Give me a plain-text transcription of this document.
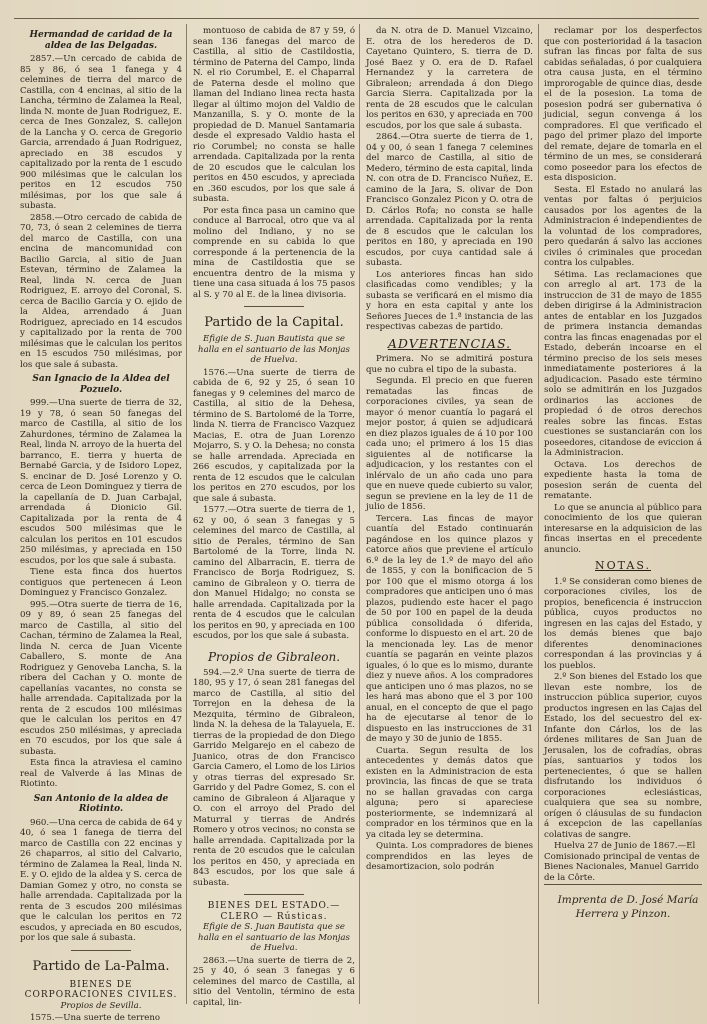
Hermandad de caridad de la aldea de las Delgadas.

2857.—Un cercado de cabida de 85 y 86, ó sea 1 fanega y 4 celemines de tierra del marco de Castilla, con 4 encinas, al sitio de la Lancha, término de Zalamea la Real, linda N. monte de Juan Rodriguez, E. cerca de Ines Gonzalez, S. callejon de la Lancha y O. cerca de Gregorio Garcia, arrendado á Juan Rodriguez, apreciado en 38 escudos y capitalizado por la renta de 1 escudo 900 milésimas que le calculan los peritos en 12 escudos 750 milésimas, por los que sale á subasta.

2858.—Otro cercado de cabida de 70, 73, ó sean 2 celemines de tierra del marco de Castilla, con una encina de mancomunidad con Bacilio Garcia, al sitio de Juan Estevan, término de Zalamea la Real, linda N. cerca de Juan Rodriguez, E. arroyo del Coronal, S. cerca de Bacilio Garcia y O. ejido de la Aldea, arrendado á Juan Rodriguez, apreciado en 14 escudos y capitalizado por la renta de 700 milésimas que le calculan los peritos en 15 escudos 750 milésimas, por los que sale á subasta.

San Ignacio de la Aldea del Pozuelo.

999.—Una suerte de tierra de 32, 19 y 78, ó sean 50 fanegas del marco de Castilla, al sitio de los Zahurdones, término de Zalamea la Real, linda N. arroyo de la huerta del barranco, E. tierra y huerta de Bernabé Garcia, y de Isidoro Lopez, S. encinar de D. José Lorenzo y O. cerca de Leon Dominguez y tierra de la capellanía de D. Juan Carbajal, arrendada á Dionicio Gil. Capitalizada por la renta de 4 escudos 500 milésimas que le calculan los peritos en 101 escudos 250 milésimas, y apreciada en 150 escudos, por los que sale á subasta.

Tiene esta finca dos huertos contiguos que pertenecen á Leon Dominguez y Francisco Gonzalez.

995.—Otra suerte de tierra de 16, 09 y 89, ó sean 25 fanegas del marco de Castilla, al sitio del Cachan, término de Zalamea la Real, linda N. cerca de Juan Vicente Caballero, S. monte de Ana Rodriguez y Genoveba Lancha, S. la ribera del Cachan y O. monte de capellanías vacantes, no consta se halle arrendada. Capitalizada por la renta de 2 escudos 100 milésimas que le calculan los peritos en 47 escudos 250 milésimas, y apreciada en 70 escudos, por los que sale á subasta.

Esta finca la atraviesa el camino real de Valverde á las Minas de Riotinto.

San Antonio de la aldea de Riotinto.

960.—Una cerca de cabida de 64 y 40, ó sea 1 fanega de tierra del marco de Castilla con 22 encinas y 26 chaparros, al sitio del Calvario, término de Zalamea la Real, linda N. E. y O. ejido de la aldea y S. cerca de Damian Gomez y otro, no consta se halle arrendada. Capitalizada por la renta de 3 escudos 200 milésimas que le calculan los peritos en 72 escudos, y apreciada en 80 escudos, por los que sale á subasta.

Partido de La-Palma.

BIENES DE CORPORACIONES CIVILES.

Propios de Sevilla.

1575.—Una suerte de terreno

montuoso de cabida de 87 y 59, ó sean 136 fanegas del marco de Castilla, al sitio de Castildostia, término de Paterna del Campo, linda N. el rio Corumbel, E. el Chaparral de Paterna desde el molino que llaman del Indiano linea recta hasta llegar al último mojon del Valdio de Manzanilla, S. y O. monte de la propiedad de D. Manuel Santamaria desde el expresado Valdio hasta el rio Corumbel; no consta se halle arrendada. Capitalizada por la renta de 20 escudos que le calculan los peritos en 450 escudos, y apreciada en .360 escudos, por los que sale á subasta.

Por esta finca pasa un camino que conduce al Barrocal, otro que va al molino del Indiano, y no se comprende en su cabida lo que corresponde á la pertenencia de la mina de Castildostia que se encuentra dentro de la misma y tiene una casa situada á los 75 pasos al S. y 70 al E. de la linea divisoria.

Partido de la Capital.

Efigie de S. Juan Bautista que se halla en el santuario de las Monjas de Huelva.

1576.—Una suerte de tierra de cabida de 6, 92 y 25, ó sean 10 fanegas y 9 celemines del marco de Castilla, al sitio de la Dehesa, término de S. Bartolomé de la Torre, linda N. tierra de Francisco Vazquez Macias, E. otra de Juan Lorenzo Mojarro, S. y O. la Dehesa; no consta se halle arrendada. Apreciada en 266 escudos, y capitalizada por la renta de 12 escudos que le calculan los peritos en 270 escudos, por los que sale á subasta.

1577.—Otra suerte de tierra de 1, 62 y 00, ó sean 3 fanegas y 5 celemines del marco de Castilla, al sitio de Perales, término de San Bartolomé de la Torre, linda N. camino del Albarracin, E. tierra de Francisco de Borja Rodriguez, S. camino de Gibraleon y O. tierra de don Manuel Hidalgo; no consta se halle arrendada. Capitalizada por la renta de 4 escudos que le calculan los peritos en 90, y apreciada en 100 escudos, por los que sale á subasta.

Propios de Gibraleon.

594.—2.º Una suerte de tierra de 180, 95 y 17, ó sean 281 fanegas del marco de Castilla, al sitio del Torrejon en la dehesa de la Mezquita, término de Gibraleon, linda N. la dehesa de la Talayuela, E. tierras de la propiedad de don Diego Garrido Melgarejo en el cabezo de Juanico, otras de don Francisco Garcia Camero, el Lomo de los Lirios y otras tierras del expresado Sr. Garrido y del Padre Gomez, S. con el camino de Gibraleon á Aljaraque y O. con el arroyo del Prado del Maturral y tierras de Andrés Romero y otros vecinos; no consta se halle arrendada. Capitalizada por la renta de 20 escudos que le calculan los peritos en 450, y apreciada en 843 escudos, por los que sale á subasta.

BIENES DEL ESTADO.—CLERO — Rústicas.

Efigie de S. Juan Bautista que se halla en el santuario de las Monjas de Huelva.

2863.—Una suerte de tierra de 2, 25 y 40, ó sean 3 fanegas y 6 celemines del marco de Castilla, al sitio del Ventolin, término de esta capital, lin-

da N. otra de D. Manuel Vizcaino, E. otra de los herederos de D. Cayetano Quintero, S. tierra de D. José Baez y O. era de D. Rafael Hernandez y la carretera de Gibraleon; arrendada á don Diego Garcia Sierra. Capitalizada por la renta de 28 escudos que le calculan los peritos en 630, y apreciada en 700 escudos, por los que sale á subasta.

2864.—Otra suerte de tierra de 1, 04 y 00, ó sean 1 fanega 7 celemines del marco de Castilla, al sitio de Medero, término de esta capital, linda N. con otra de D. Francisco Nuñez, E. camino de la Jara, S. olivar de Don Francisco Gonzalez Picon y O. otra de D. Cárlos Rofa; no consta se halle arrendada. Capitalizada por la renta de 8 escudos que le calculan los peritos en 180, y apreciada en 190 escudos, por cuya cantidad sale á subasta.

Los anteriores fincas han sido clasificadas como vendibles; y la subasta se verificará en el mismo dia y hora en esta capital y ante los Señores Jueces de 1.ª instancia de las respectivas cabezas de partido.

ADVERTENCIAS.

Primera. No se admitirá postura que no cubra el tipo de la subasta.

Segunda. El precio en que fueren rematadas las fincas de corporaciones civiles, ya sean de mayor ó menor cuantía lo pagará el mejor postor, á quien se adjudicará en diez plazos iguales de á 10 por 100 cada uno; el primero á los 15 dias siguientes al de notificarse la adjudicacion, y los restantes con el inlérvalo de un año cada uno para que en nueve quede cubierto su valor, segun se previene en la ley de 11 de julio de 1856.

Tercera. Las fincas de mayor cuantía del Estado continuarán pagándose en los quince plazos y catorce años que previene el artículo 6.º de la ley de 1.º de mayo del año de 1855, y con la bonificacion de 5 por 100 que el mismo otorga á los compradores que anticipen uno ó mas plazos, pudiendo este hacer el pago de 50 por 100 en papel de la deuda pública consolidada ó diferida, conforme lo dispuesto en el art. 20 de la mencionada ley. Las de menor cuantía se pagarán en veinte plazos iguales, ó lo que es lo mismo, durante diez y nueve años. A los compradores que anticipen uno ó mas plazos, no se les hará mas abono que el 3 por 100 anual, en el concepto de que el pago ha de ejecutarse al tenor de lo dispuesto en las instrucciones de 31 de mayo y 30 de junio de 1855.

Cuarta. Segun resulta de los antecedentes y demás datos que existen en la Administracion de esta provincia, las fincas de que se trata no se hallan gravadas con carga alguna; pero si apareciese posteriormente, se indemnizará al comprador en los términos que en la ya citada ley se determina.

Quinta. Los compradores de bienes comprendidos en las leyes de desamortizacion, solo podrán

reclamar por los desperfectos que con posterioridad á la tasacion sufran las fincas por falta de sus cabidas señaladas, ó por cualquiera otra causa justa, en el término improrogable de quince dias, desde el de la posesion. La toma de posesion podrá ser gubernativa ó judicial, segun convenga á los compradores. El que verificado el pago del primer plazo del importe del remate, dejare de tomarla en el término de un mes, se considerará como poseedor para los efectos de esta disposicion.

Sesta. El Estado no anulará las ventas por faltas ó perjuicios causados por los agentes de la Administracion é independientes de la voluntad de los compradores, pero quedarán á salvo las acciones civiles ó criminales que procedan contra los culpables.

Sétima. Las reclamaciones que con arreglo al art. 173 de la instruccion de 31 de mayo de 1855 deben dirigirse á la Administracion antes de entablar en los Juzgados de primera instancia demandas contra las fincas enagenadas por el Estado, deberán incoarse en el término preciso de los seis meses inmediatamente posteriores á la adjudicacion. Pasado este término solo se admitirán en los Juzgados ordinarios las acciones de propiedad ó de otros derechos reales sobre las fincas. Estas cuestiones se sustanciarán con los poseedores, citandose de eviccion á la Administracion.

Octava. Los derechos de expediente hasta la toma de posesion serán de cuenta del rematante.

Lo que se anuncia al público para conocimiento de los que quieran interesarse en la adquisicion de las fincas insertas en el precedente anuncio.

NOTAS.

1.º Se consideran como bienes de corporaciones civiles, los de propios, beneficencia é instruccion pública, cuyos productos no ingresen en las cajas del Estado, y los demás bienes que bajo diferentes denominaciones correspondan á las provincias y á los pueblos.

2.º Son bienes del Estado los que llevan este nombre, los de instruccion pública superior, cuyos productos ingresen en las Cajas del Estado, los del secuestro del ex-Infante don Cárlos, los de las órdenes militares de San Juan de Jerusalen, los de cofradías, obras pías, santuarios y todos los pertenecientes, ó que se hallen disfrutando los individuos ó corporaciones eclesiásticas, cualquiera que sea su nombre, orígen ó cláusulas de su fundacion á excepcion de las capellanías colativas de sangre.

Huelva 27 de Junio de 1867.—El Comisionado principal de ventas de Bienes Nacionales, Manuel Garrido de la Côrte.

Imprenta de D. José María Herrera y Pinzon.
